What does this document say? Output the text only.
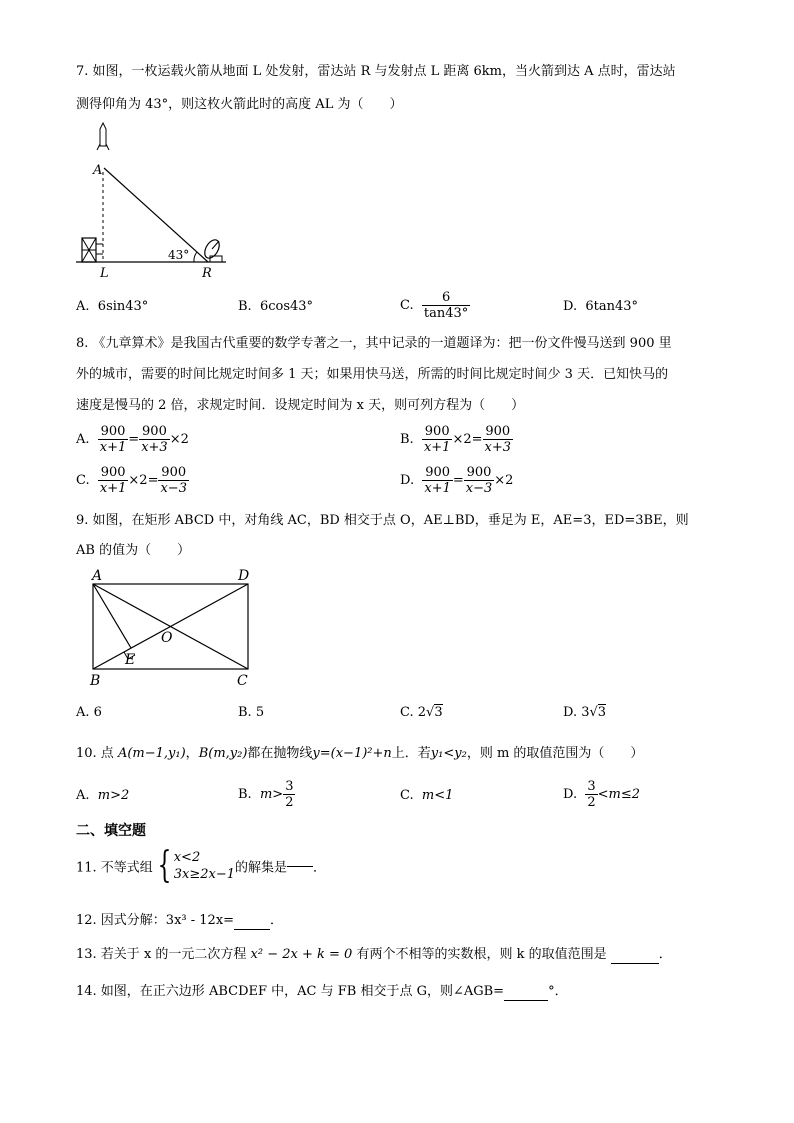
7. 如图，一枚运载火箭从地面 L 处发射，雷达站 R 与发射点 L 距离 6km，当火箭到达 A 点时，雷达站
测得仰角为 43°，则这枚火箭此时的高度 AL 为（　　）
A
L	R
43°
A. 6sin43°	B. 6cos43°	C. $\frac{6}{\tan 43^\circ}$	D. 6tan43°
8. 《九章算术》是我国古代重要的数学专著之一，其中记录的一道题译为：把一份文件慢马送到 900 里
外的城市，需要的时间比规定时间多 1 天；如果用快马送，所需的时间比规定时间少 3 天．已知快马的
速度是慢马的 2 倍，求规定时间．设规定时间为 x 天，则可列方程为（　　）
A. $\frac{900}{x+1} = \frac{900}{x+3} \times 2$	B. $\frac{900}{x+1} \times 2= \frac{900}{x+3}$
C. $\frac{900}{x+1} \times 2= \frac{900}{x-3}$	D. $\frac{900}{x+1} = \frac{900}{x-3} \times 2$
9. 如图，在矩形 ABCD 中，对角线 AC，BD 相交于点 O，AE⊥BD，垂足为 E，AE=3，ED=3BE，则
AB 的值为（　　）
A	D
B	C
E
O
A. 6	B. 5	C. 2√3	D. 3√3
10. 点 A(m−1,y₁)，B(m,y₂)都在抛物线y=(x−1)²+n上．若y₁<y₂，则 m 的取值范围为（　　）
A. m>2	B. $m> \frac{3}{2}$	C. m<1	D. $\frac{3}{2} <m\le 2$
二、填空题
11. 不等式组 { x<2
3x≥2x−1 的解集是 ．
12. 因式分解：3x³ - 12x=	．
13. 若关于 x 的一元二次方程 x² − 2x + k = 0 有两个不相等的实数根，则 k 的取值范围是	．
14. 如图，在正六边形 ABCDEF 中，AC 与 FB 相交于点 G，则∠AGB=	°．
